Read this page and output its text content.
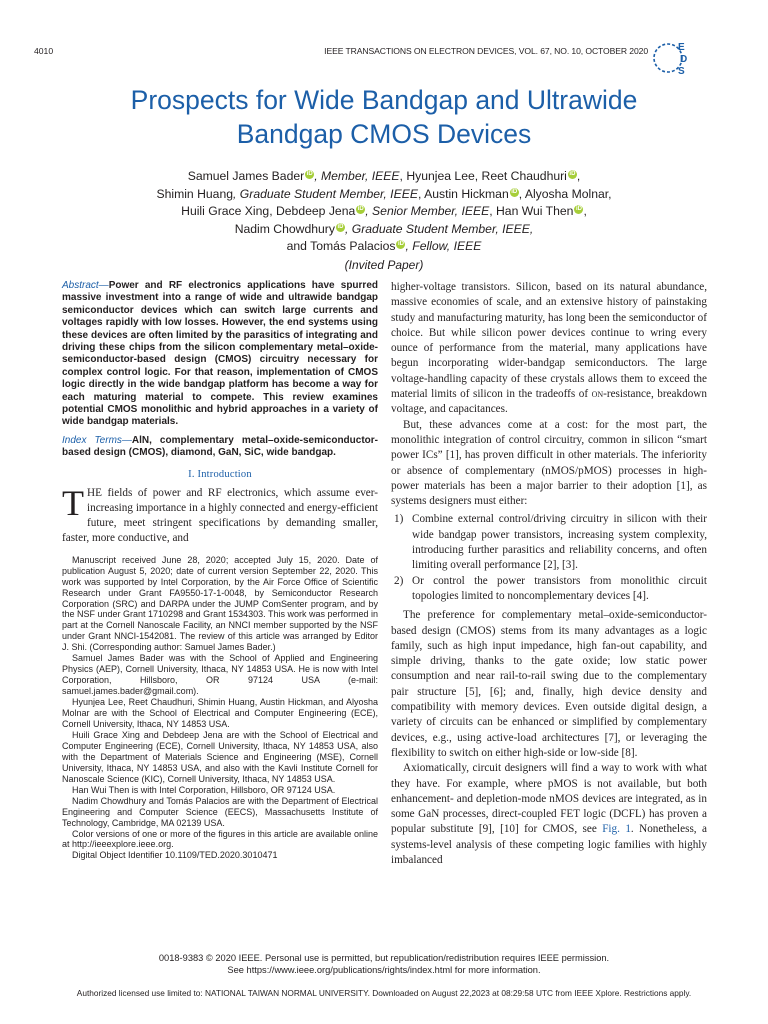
4010	IEEE TRANSACTIONS ON ELECTRON DEVICES, VOL. 67, NO. 10, OCTOBER 2020	E
D
S
Prospects for Wide Bandgap and Ultrawide
Bandgap CMOS Devices
Samuel James Bader iD , Member, IEEE, Hyunjea Lee, Reet Chaudhuri iD ,
Shimin Huang, Graduate Student Member, IEEE, Austin Hickman iD , Alyosha Molnar,
Huili Grace Xing, Debdeep Jena iD , Senior Member, IEEE, Han Wui Then iD ,
Nadim Chowdhury iD , Graduate Student Member, IEEE,
and Tomás Palacios iD , Fellow, IEEE
(Invited Paper)

Abstract—Power and RF electronics applications have spurred massive investment into a range of wide and ultrawide bandgap semiconductor devices which can switch large currents and voltages rapidly with low losses. However, the end systems using these devices are often limited by the parasitics of integrating and driving these chips from the silicon complementary metal–oxide-semiconductor-based design (CMOS) circuitry necessary for complex control logic. For that reason, implementation of CMOS logic directly in the wide bandgap platform has become a way for each maturing material to compete. This review examines potential CMOS monolithic and hybrid approaches in a variety of wide bandgap materials.

Index Terms—AlN, complementary metal–oxide-semiconductor-based design (CMOS), diamond, GaN, SiC, wide bandgap.

I. Introduction

THE fields of power and RF electronics, which assume ever-increasing importance in a highly connected and energy-efficient future, meet stringent specifications by demanding smaller, faster, more conductive, and

Manuscript received June 28, 2020; accepted July 15, 2020. Date of publication August 5, 2020; date of current version September 22, 2020. This work was supported by Intel Corporation, by the Air Force Office of Scientific Research under Grant FA9550-17-1-0048, by Semiconductor Research Corporation (SRC) and DARPA under the JUMP ComSenter program, and by the NSF under Grant 1710298 and Grant 1534303. This work was performed in part at the Cornell Nanoscale Facility, an NNCI member supported by the NSF under Grant NNCI-1542081. The review of this article was arranged by Editor J. Shi. (Corresponding author: Samuel James Bader.)

Samuel James Bader was with the School of Applied and Engineering Physics (AEP), Cornell University, Ithaca, NY 14853 USA. He is now with Intel Corporation, Hillsboro, OR 97124 USA (e-mail: samuel.james.bader@gmail.com).

Hyunjea Lee, Reet Chaudhuri, Shimin Huang, Austin Hickman, and Alyosha Molnar are with the School of Electrical and Computer Engineering (ECE), Cornell University, Ithaca, NY 14853 USA.

Huili Grace Xing and Debdeep Jena are with the School of Electrical and Computer Engineering (ECE), Cornell University, Ithaca, NY 14853 USA, also with the Department of Materials Science and Engineering (MSE), Cornell University, Ithaca, NY 14853 USA, and also with the Kavli Institute Cornell for Nanoscale Science (KIC), Cornell University, Ithaca, NY 14853 USA.

Han Wui Then is with Intel Corporation, Hillsboro, OR 97124 USA.

Nadim Chowdhury and Tomás Palacios are with the Department of Electrical Engineering and Computer Science (EECS), Massachusetts Institute of Technology, Cambridge, MA 02139 USA.

Color versions of one or more of the figures in this article are available online at http://ieeexplore.ieee.org.

Digital Object Identifier 10.1109/TED.2020.3010471

higher-voltage transistors. Silicon, based on its natural abundance, massive economies of scale, and an extensive history of painstaking study and manufacturing maturity, has long been the semiconductor of choice. But while silicon power devices continue to wring every ounce of performance from the material, many applications have begun incorporating wider-bandgap semiconductors. The large voltage-handling capacity of these crystals allows them to exceed the material limits of silicon in the tradeoffs of on-resistance, breakdown voltage, and capacitances.

But, these advances come at a cost: for the most part, the monolithic integration of control circuitry, common in silicon “smart power ICs” [1], has proven difficult in other materials. The inferiority or absence of complementary (nMOS/pMOS) processes in high-power materials has been a major barrier to their adoption [1], as systems designers must either:

1) Combine external control/driving circuitry in silicon with their wide bandgap power transistors, increasing system complexity, introducing further parasitics and reliability concerns, and often limiting overall performance [2], [3].
2) Or control the power transistors from monolithic circuit topologies limited to noncomplementary devices [4].

The preference for complementary metal–oxide-semiconductor-based design (CMOS) stems from its many advantages as a logic family, such as high input impedance, high fan-out capability, and simple driving, thanks to the gate oxide; low static power consumption and near rail-to-rail swing due to the complementary pair structure [5], [6]; and, finally, high device density and compatibility with memory devices. Even outside digital design, a variety of circuits can be enhanced or simplified by complementary devices, e.g., using active-load architectures [7], or leveraging the flexibility to switch on either high-side or low-side [8].

Axiomatically, circuit designers will find a way to work with what they have. For example, where pMOS is not available, but both enhancement- and depletion-mode nMOS devices are integrated, as in some GaN processes, direct-coupled FET logic (DCFL) has proven a popular substitute [9], [10] for CMOS, see Fig. 1. Nonetheless, a systems-level analysis of these competing logic families with highly imbalanced

0018-9383 © 2020 IEEE. Personal use is permitted, but republication/redistribution requires IEEE permission.
See https://www.ieee.org/publications/rights/index.html for more information.
Authorized licensed use limited to: NATIONAL TAIWAN NORMAL UNIVERSITY. Downloaded on August 22,2023 at 08:29:58 UTC from IEEE Xplore. Restrictions apply.
